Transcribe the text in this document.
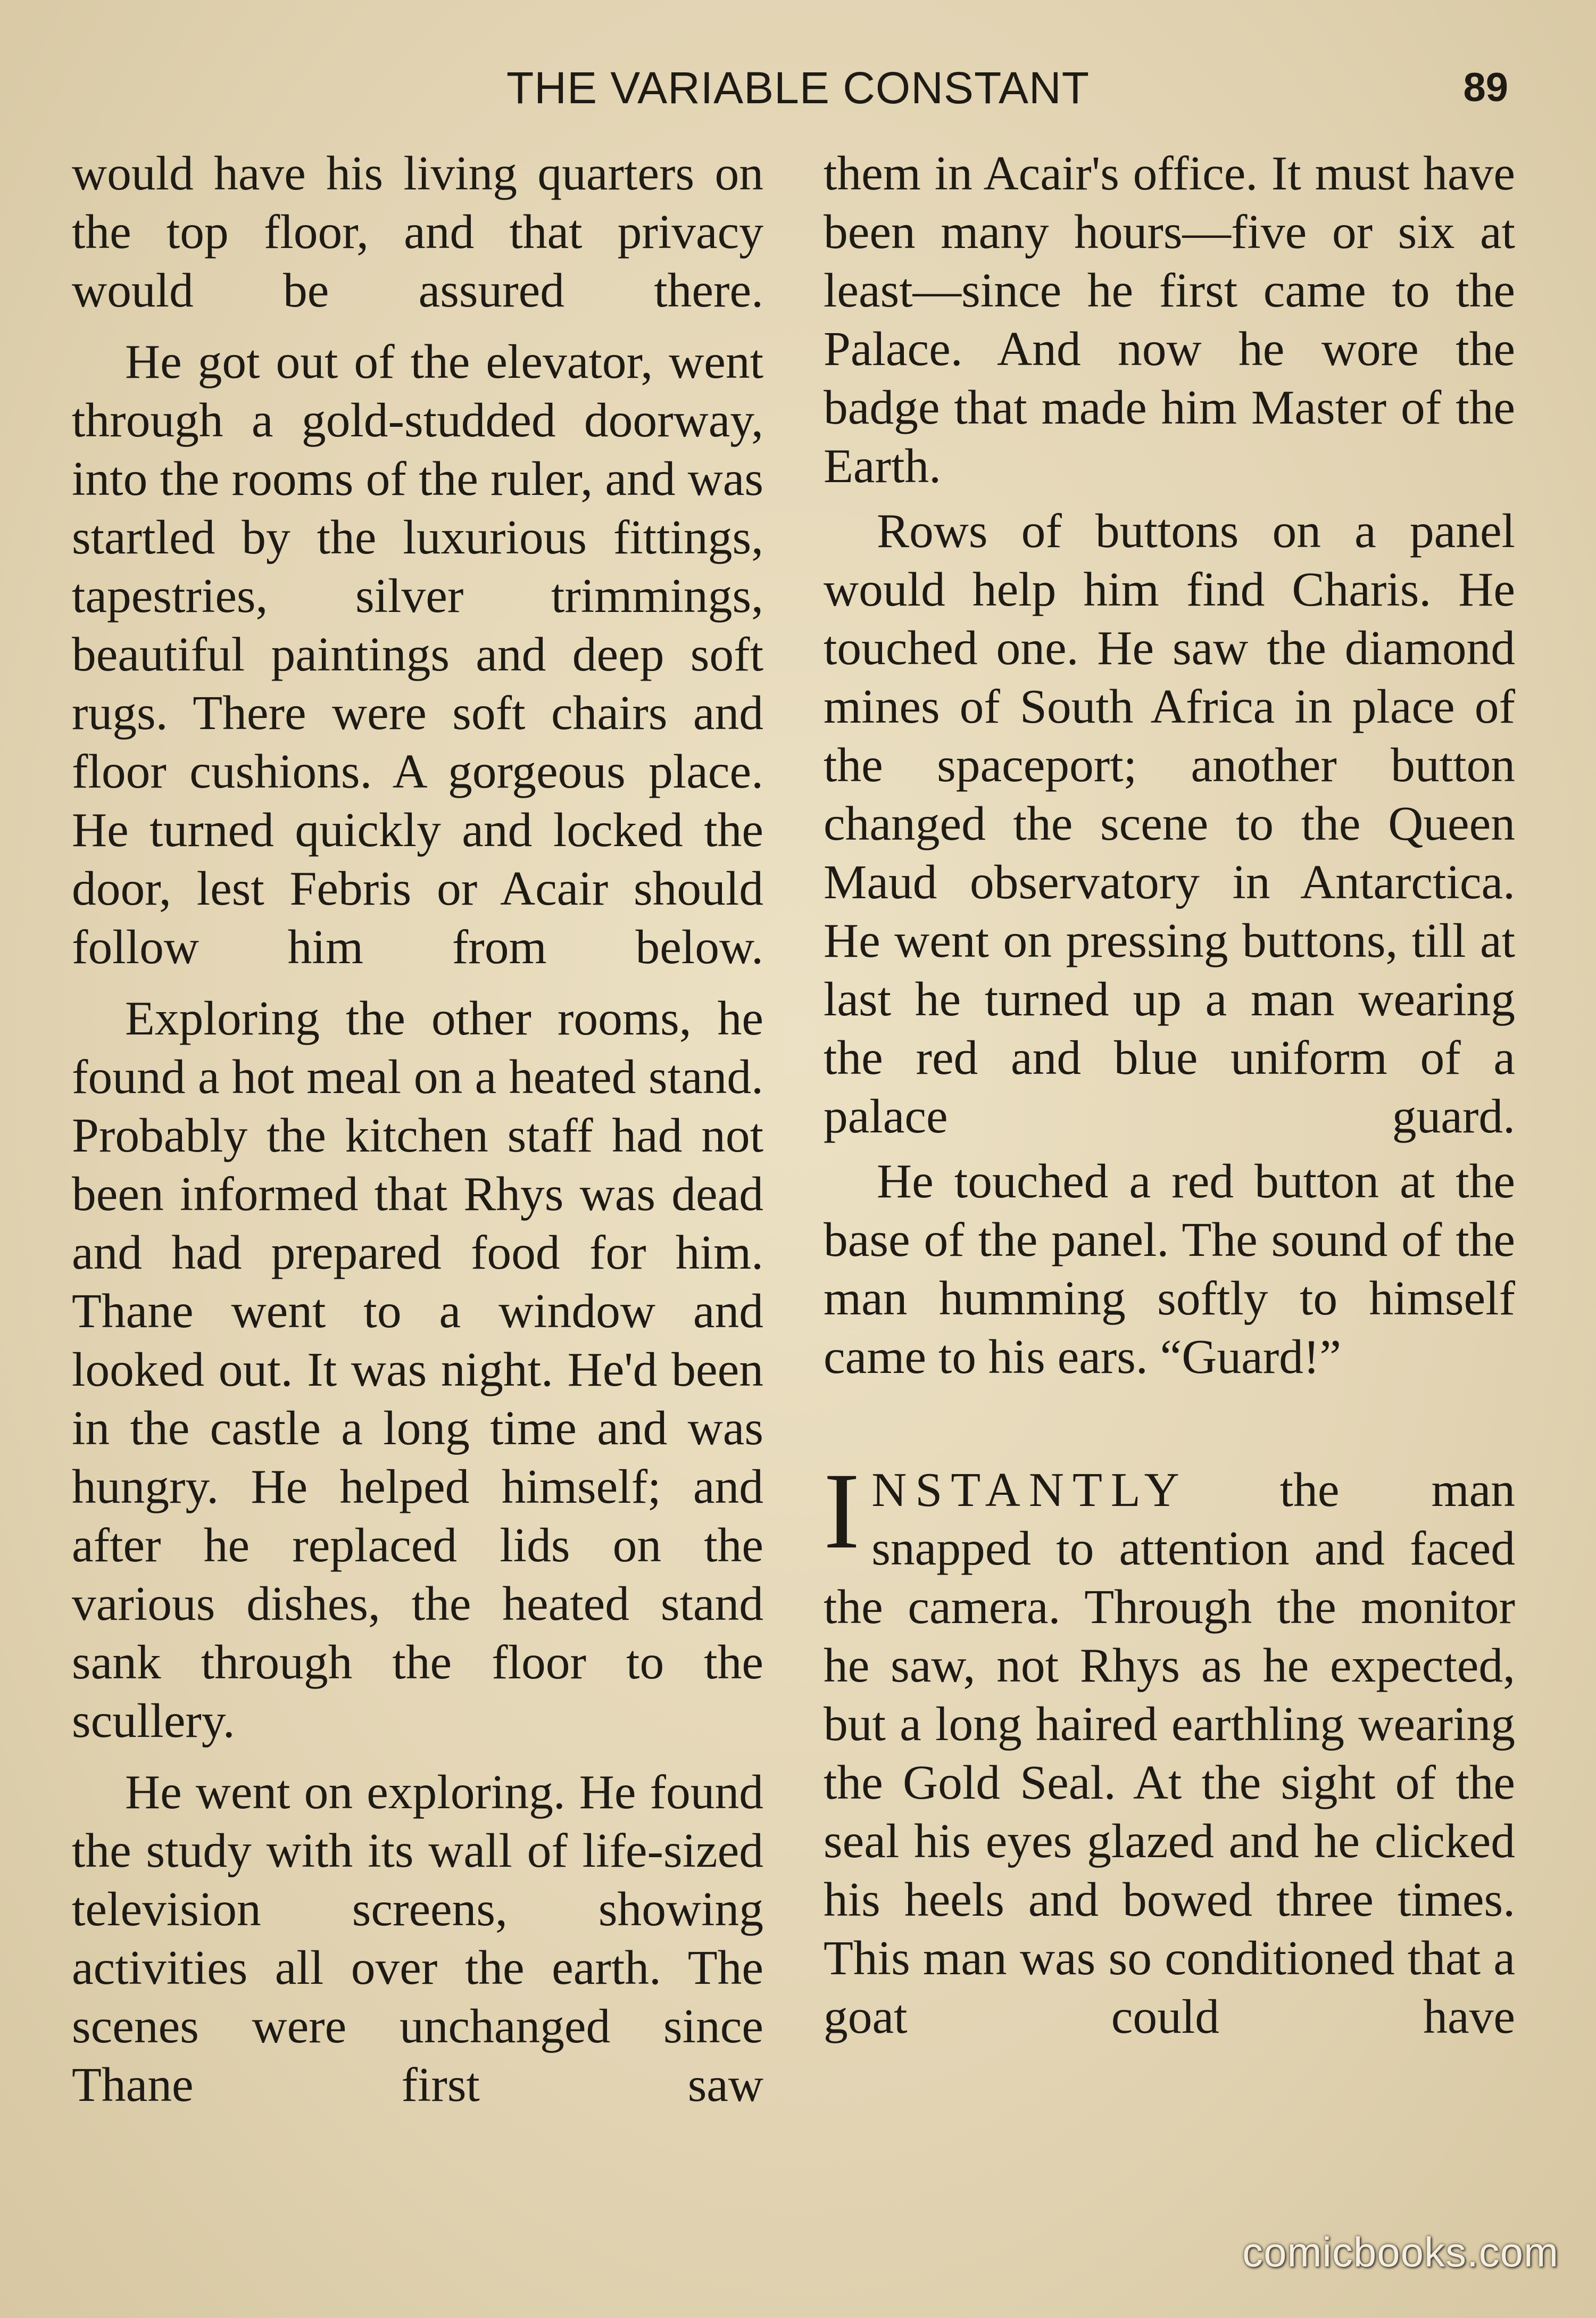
THE VARIABLE CONSTANT	89

would have his living quarters on the top floor, and that privacy would be assured there.

He got out of the elevator, went through a gold-studded doorway, into the rooms of the ruler, and was startled by the luxurious fittings, tapestries, silver trimmings, beautiful paintings and deep soft rugs. There were soft chairs and floor cushions. A gorgeous place. He turned quickly and locked the door, lest Febris or Acair should follow him from below.

Exploring the other rooms, he found a hot meal on a heated stand. Probably the kitchen staff had not been informed that Rhys was dead and had prepared food for him. Thane went to a window and looked out. It was night. He'd been in the castle a long time and was hungry. He helped himself; and after he replaced lids on the various dishes, the heated stand sank through the floor to the scullery.

He went on exploring. He found the study with its wall of life-sized television screens, showing activities all over the earth. The scenes were unchanged since Thane first saw

them in Acair's office. It must have been many hours—five or six at least—since he first came to the Palace. And now he wore the badge that made him Master of the Earth.

Rows of buttons on a panel would help him find Charis. He touched one. He saw the diamond mines of South Africa in place of the spaceport; another button changed the scene to the Queen Maud observatory in Antarctica. He went on pressing buttons, till at last he turned up a man wearing the red and blue uniform of a palace guard.

He touched a red button at the base of the panel. The sound of the man humming softly to himself came to his ears. “Guard!”

INSTANTLY the man snapped to attention and faced the camera. Through the monitor he saw, not Rhys as he expected, but a long haired earthling wearing the Gold Seal. At the sight of the seal his eyes glazed and he clicked his heels and bowed three times. This man was so conditioned that a goat could have

comicbooks.com
